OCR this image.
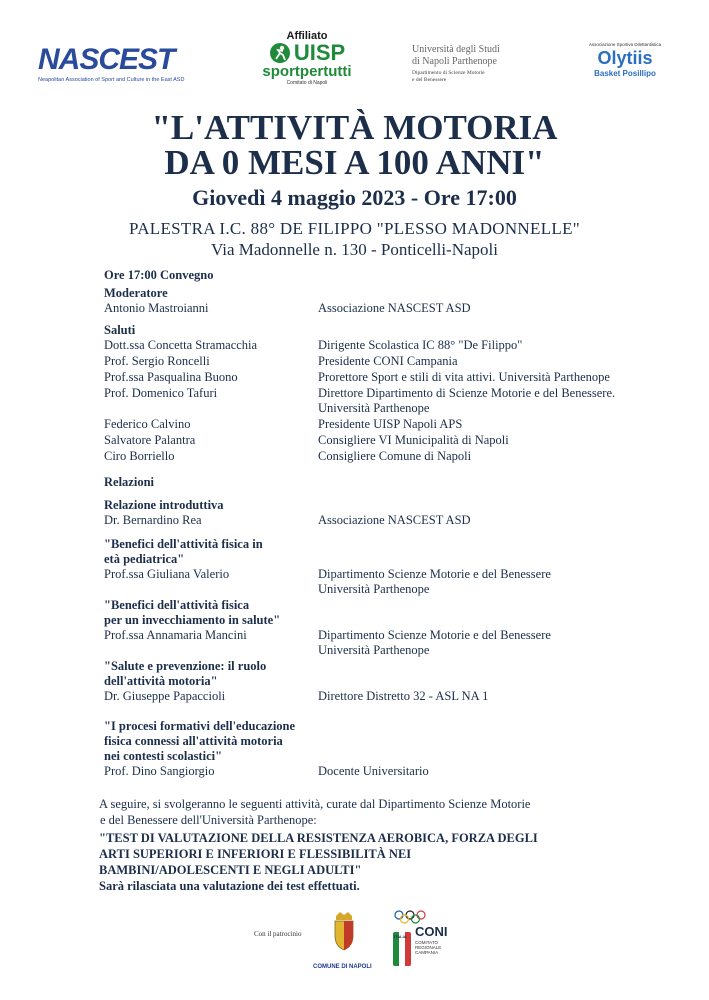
NASCEST
Neapolitan Association of Sport and Culture in the East ASD
Affiliato
UISP
sportpertutti
Comitato di Napoli
Università degli Studi
di Napoli Parthenope
Dipartimento di Scienze Motorie
e del Benessere
Associazione Sportiva Dilettantistica
Olytiis
Basket Posillipo
"L'ATTIVITÀ MOTORIA
DA 0 MESI A 100 ANNI"
Giovedì 4 maggio 2023 - Ore 17:00
PALESTRA I.C. 88° DE FILIPPO "PLESSO MADONNELLE"
Via Madonnelle n. 130 - Ponticelli-Napoli
Ore 17:00 Convegno
Moderatore
Antonio Mastroianni	Associazione NASCEST ASD
Saluti
Dott.ssa Concetta Stramacchia	Dirigente Scolastica IC 88° "De Filippo"
Prof. Sergio Roncelli	Presidente CONI Campania
Prof.ssa Pasqualina Buono	Prorettore Sport e stili di vita attivi. Università Parthenope
Prof. Domenico Tafuri	Direttore Dipartimento di Scienze Motorie e del Benessere.
Università Parthenope
Federico Calvino	Presidente UISP Napoli APS
Salvatore Palantra	Consigliere VI Municipalità di Napoli
Ciro Borriello	Consigliere Comune di Napoli
Relazioni
Relazione introduttiva
Dr. Bernardino Rea	Associazione NASCEST ASD
"Benefici dell'attività fisica in
età pediatrica"
Prof.ssa Giuliana Valerio	Dipartimento Scienze Motorie e del Benessere
Università Parthenope
"Benefici dell'attività fisica
per un invecchiamento in salute"
Prof.ssa Annamaria Mancini	Dipartimento Scienze Motorie e del Benessere
Università Parthenope
"Salute e prevenzione: il ruolo
dell'attività motoria"
Dr. Giuseppe Papaccioli	Direttore Distretto 32 - ASL NA 1
"I procesi formativi dell'educazione
fisica connessi all'attività motoria
nei contesti scolastici"
Prof. Dino Sangiorgio	Docente Universitario
A seguire, si svolgeranno le seguenti attività, curate dal Dipartimento Scienze Motorie
e del Benessere dell'Università Parthenope:
"TEST DI VALUTAZIONE DELLA RESISTENZA AEROBICA, FORZA DEGLI
ARTI SUPERIORI E INFERIORI E FLESSIBILITÀ NEI
BAMBINI/ADOLESCENTI E NEGLI ADULTI"
Sarà rilasciata una valutazione dei test effettuati.
Con il patrocinio
COMUNE DI NAPOLI
ITALIA CONI
COMITATO REGIONALE CAMPANIA
